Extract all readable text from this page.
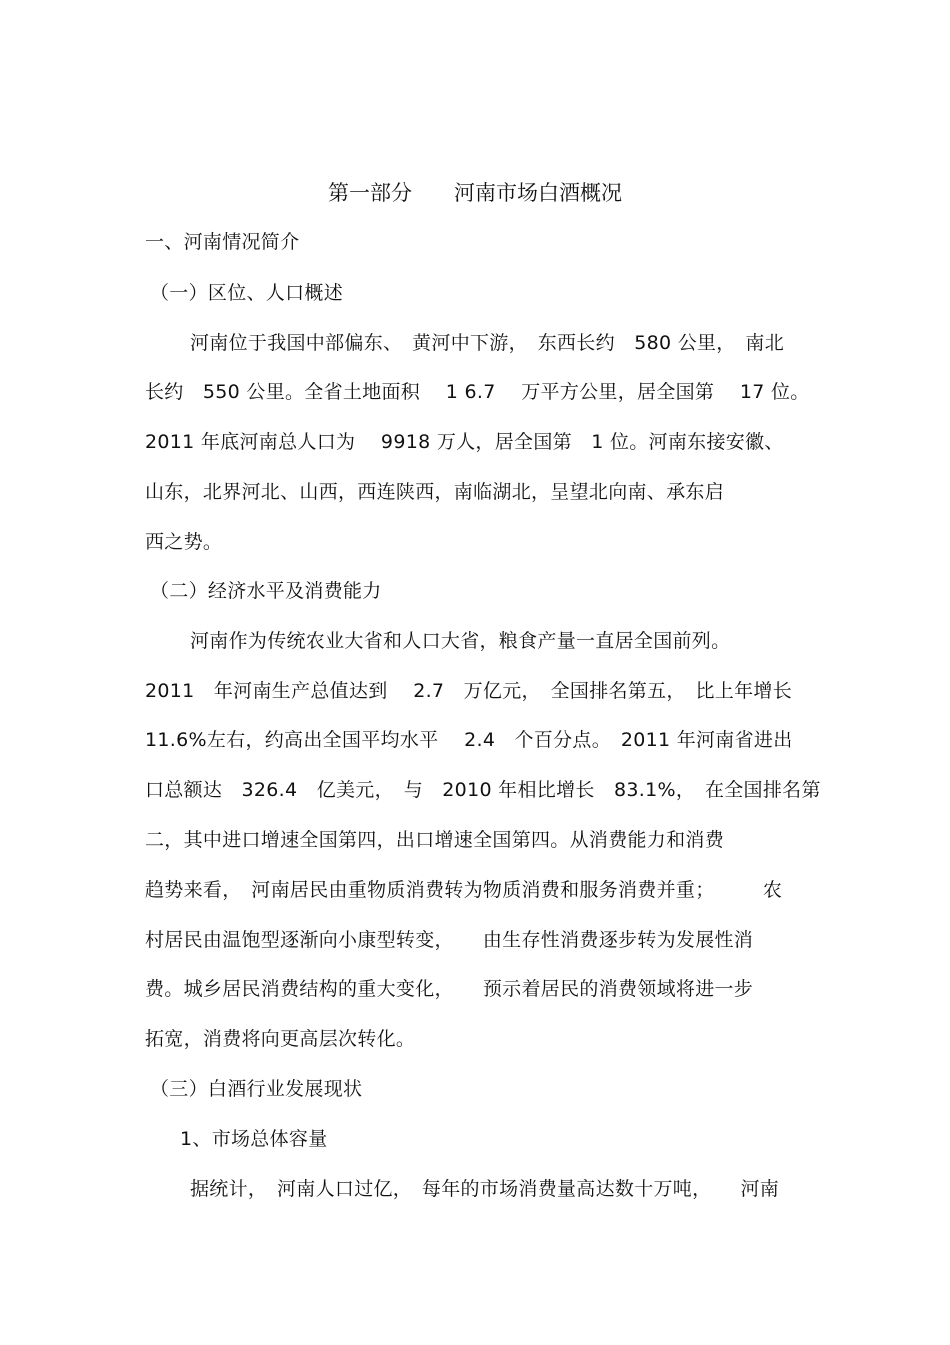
第一部分　　河南市场白酒概况
一、河南情况简介
（一）区位、人口概述
河南位于我国中部偏东、　黄河中下游，　东西长约　580 公里，　南北
长约　550 公里。全省土地面积　 1 6.7　 万平方公里，居全国第　 17 位。
2011 年底河南总人口为　 9918 万人，居全国第　1 位。河南东接安徽、
山东，北界河北、山西，西连陕西，南临湖北，呈望北向南、承东启
西之势。
（二）经济水平及消费能力
河南作为传统农业大省和人口大省，粮食产量一直居全国前列。
2011　年河南生产总值达到　 2.7　万亿元，　全国排名第五，　比上年增长
11.6%左右，约高出全国平均水平　 2.4　个百分点。　2011 年河南省进出
口总额达　326.4　亿美元，　与　2010 年相比增长　83.1%，　在全国排名第
二，其中进口增速全国第四，出口增速全国第四。从消费能力和消费
趋势来看，　河南居民由重物质消费转为物质消费和服务消费并重；　　　农
村居民由温饱型逐渐向小康型转变，　　由生存性消费逐步转为发展性消
费。城乡居民消费结构的重大变化，　　预示着居民的消费领域将进一步
拓宽，消费将向更高层次转化。
（三）白酒行业发展现状
1、市场总体容量
据统计，　河南人口过亿，　每年的市场消费量高达数十万吨，　　河南
